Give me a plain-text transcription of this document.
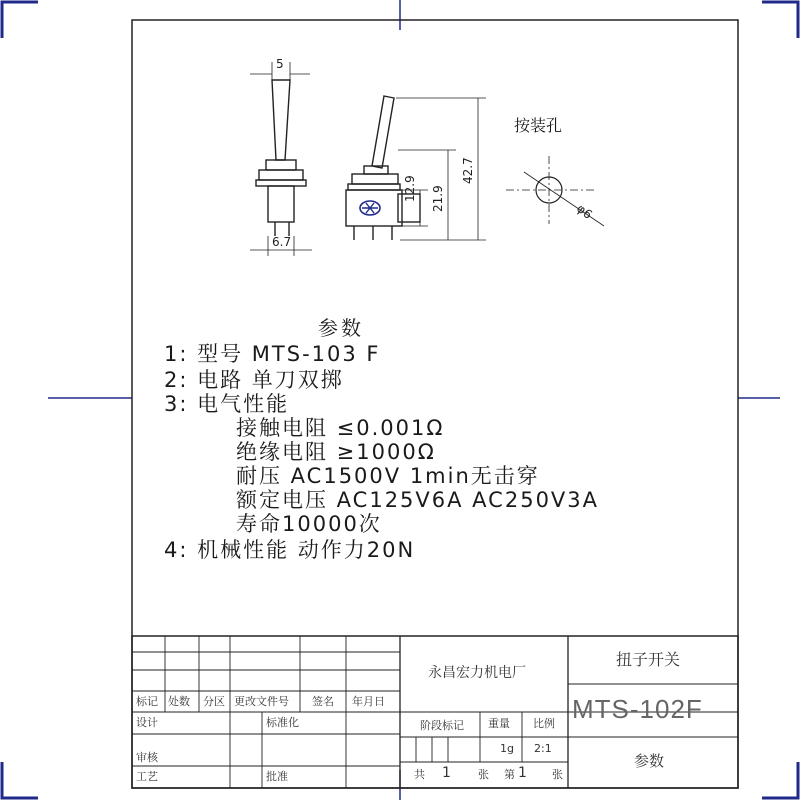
5
6.7
12.9 21.9
42.7
φ6
按装孔
参数
1: 型号 MTS-103 F
2: 电路 单刀双掷
3: 电气性能
接触电阻 ≤0.001Ω
绝缘电阻 ≥1000Ω
耐压 AC1500V 1min无击穿
额定电压 AC125V6A AC250V3A
寿命10000次
4: 机械性能 动作力20N
标记 处数 分区 更改文件号 签名 年月日
设计	标准化
审核
工艺	批准
永昌宏力机电厂
扭子开关
MTS-102F
参数
阶段标记 重量 比例
1g 2:1
共 1 张 第 1 张
